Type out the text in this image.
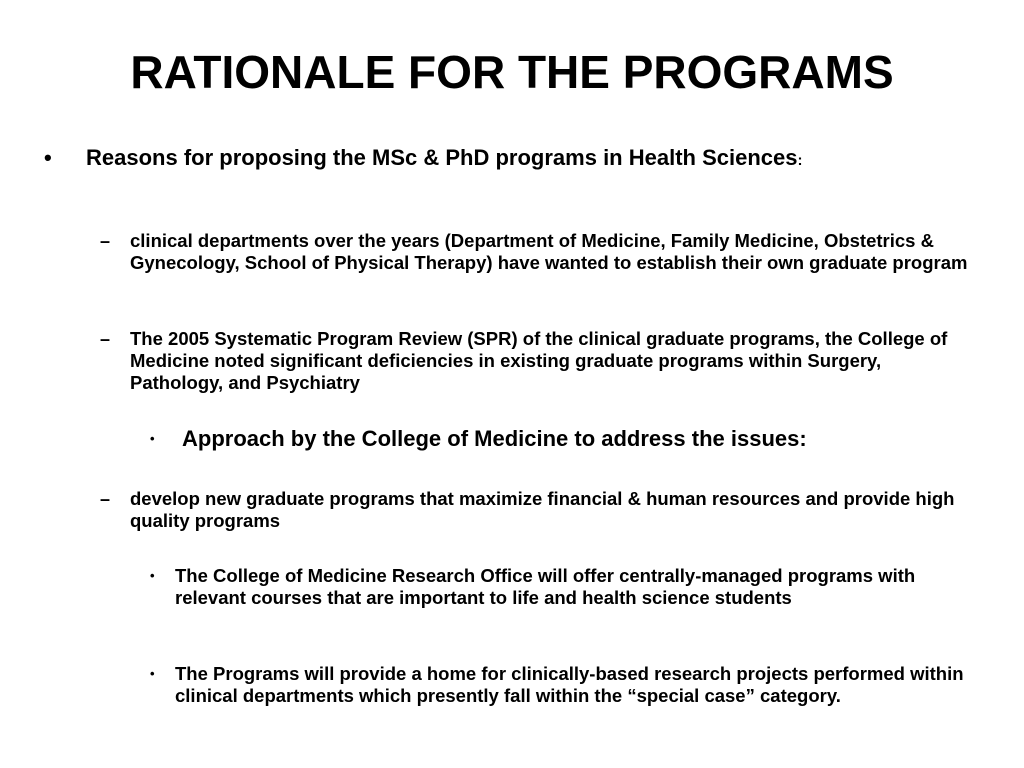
RATIONALE FOR THE PROGRAMS
• Reasons for proposing the MSc & PhD programs in Health Sciences:
– clinical departments over the years (Department of Medicine, Family Medicine, Obstetrics & Gynecology, School of Physical Therapy) have wanted to establish their own graduate program
– The 2005 Systematic Program Review (SPR) of the clinical graduate programs, the College of Medicine noted significant deficiencies in existing graduate programs within Surgery, Pathology, and Psychiatry
• Approach by the College of Medicine to address the issues:
– develop new graduate programs that maximize financial & human resources and provide high quality programs
• The College of Medicine Research Office will offer centrally-managed programs with relevant courses that are important to life and health science students
• The Programs will provide a home for clinically-based research projects performed within clinical departments which presently fall within the “special case” category.
